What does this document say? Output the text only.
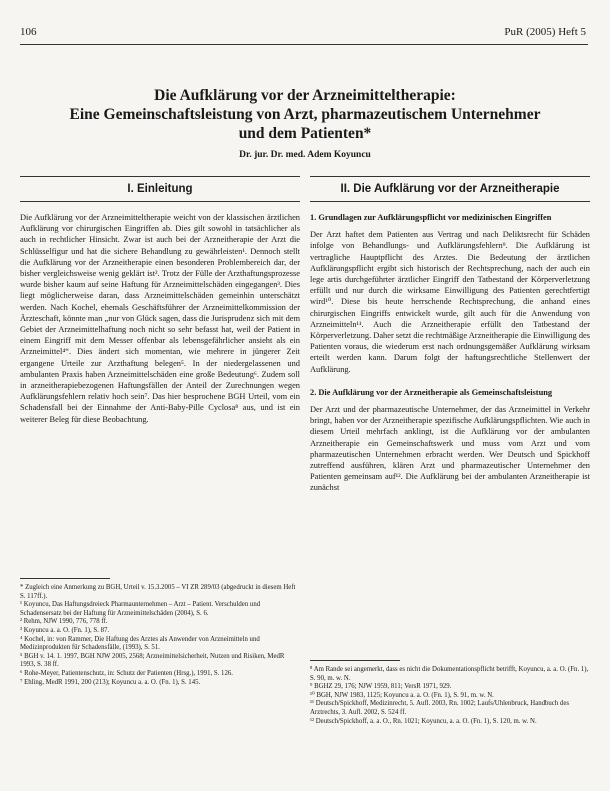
106	PuR (2005) Heft 5
Die Aufklärung vor der Arzneimitteltherapie:
Eine Gemeinschaftsleistung von Arzt, pharmazeutischem Unternehmer
und dem Patienten*
Dr. jur. Dr. med. Adem Koyuncu
I. Einleitung

Die Aufklärung vor der Arzneimitteltherapie weicht von der klassischen ärztlichen Aufklärung vor chirurgischen Eingriffen ab. Dies gilt sowohl in tatsächlicher als auch in rechtlicher Hinsicht. Zwar ist auch bei der Arzneitherapie der Arzt die Schlüsselfigur und hat die sichere Behandlung zu gewährleisten¹. Dennoch stellt die Aufklärung vor der Arzneitherapie einen besonderen Problembereich dar, der bisher vergleichsweise wenig geklärt ist². Trotz der Fülle der Arzthaftungsprozesse wurde bisher kaum auf seine Haftung für Arzneimittelschäden eingegangen³. Dies liegt möglicherweise daran, dass Arzneimittelschäden gemeinhin unterschätzt werden. Nach Kochel, ehemals Geschäftsführer der Arzneimittelkommission der Ärzteschaft, könnte man „nur von Glück sagen, dass die Jurisprudenz sich mit dem Gebiet der Arzneimittelhaftung noch nicht so sehr befasst hat, weil der Patient in einem Eingriff mit dem Messer offenbar als lebensgefährlicher ansieht als ein Arzneimittel⁴“. Dies ändert sich momentan, wie mehrere in jüngerer Zeit ergangene Urteile zur Arzthaftung belegen⁵. In der niedergelassenen und ambulanten Praxis haben Arzneimittelschäden eine große Bedeutung⁶. Zudem soll in arzneitherapiebezogenen Haftungsfällen der Anteil der Zurechnungen wegen Aufklärungsfehlern relativ hoch sein⁷. Das hier besprochene BGH Urteil, vom ein Schadensfall bei der Einnahme der Anti-Baby-Pille Cyclosa⁸ aus, und ist ein weiterer Beleg für diese Beobachtung.

* Zugleich eine Anmerkung zu BGH, Urteil v. 15.3.2005 – VI ZR 289/03 (abgedruckt in diesem Heft S. 117ff.).
¹ Koyuncu, Das Haftungsdreieck Pharmaunternehmen – Arzt – Patient. Verschulden und Schadensersatz bei der Haftung für Arzneimittelschäden (2004), S. 6.
² Rehm, NJW 1990, 776, 778 ff.
³ Koyuncu a. a. O. (Fn. 1), S. 87.
⁴ Kochel, in: von Rammer, Die Haftung des Arztes als Anwender von Arzneimitteln und Medizinprodukten für Schadensfälle, (1993), S. 51.
⁵ BGH v. 14. 1. 1997, BGH NJW 2005, 2568; Arzneimittelsicherheit, Nutzen und Risiken, MedR 1993, S. 38 ff.
⁶ Rohe-Meyer, Patientenschutz, in: Schutz der Patienten (Hrsg.), 1991, S. 126.
⁷ Ehling, MedR 1991, 200 (213); Koyuncu a. a. O. (Fn. 1), S. 145.
II. Die Aufklärung vor der Arzneitherapie

1. Grundlagen zur Aufklärungspflicht vor medizinischen Eingriffen

Der Arzt haftet dem Patienten aus Vertrag und nach Deliktsrecht für Schäden infolge von Behandlungs- und Aufklärungsfehlern⁹. Die Aufklärung ist vertragliche Hauptpflicht des Arztes. Die Bedeutung der ärztlichen Aufklärungspflicht ergibt sich historisch der Rechtsprechung, nach der auch ein lege artis durchgeführter ärztlicher Eingriff den Tatbestand der Körperverletzung erfüllt und nur durch die wirksame Einwilligung des Patienten gerechtfertigt wird¹⁰. Diese bis heute herrschende Rechtsprechung, die anhand eines chirurgischen Eingriffs entwickelt wurde, gilt auch für die Anwendung von Arzneimitteln¹¹. Auch die Arzneitherapie erfüllt den Tatbestand der Körperverletzung. Daher setzt die rechtmäßige Arzneitherapie die Einwilligung des Patienten voraus, die wiederum erst nach ordnungsgemäßer Aufklärung wirksam erteilt werden kann. Darum folgt der haftungsrechtliche Stellenwert der Aufklärung.

2. Die Aufklärung vor der Arzneitherapie als Gemeinschaftsleistung

Der Arzt und der pharmazeutische Unternehmer, der das Arzneimittel in Verkehr bringt, haben vor der Arzneitherapie spezifische Aufklärungspflichten. Wie auch in diesem Urteil mehrfach anklingt, ist die Aufklärung vor der ambulanten Arzneitherapie ein Gemeinschaftswerk und muss vom Arzt und vom pharmazeutischen Unternehmen erbracht werden. Wer Deutsch und Spickhoff zutreffend ausführen, klären Arzt und pharmazeutischer Unternehmer den Patienten gemeinsam auf¹². Die Aufklärung bei der ambulanten Arzneitherapie ist zunächst

⁸ Am Rande sei angemerkt, dass es nicht die Dokumentationspflicht betrifft, Koyuncu, a. a. O. (Fn. 1), S. 90, m. w. N.
⁹ BGHZ 29, 176; NJW 1959, 811; VersR 1971, 929.
¹⁰ BGH, NJW 1983, 1125; Koyuncu a. a. O. (Fn. 1), S. 91, m. w. N.
¹¹ Deutsch/Spickhoff, Medizinrecht, 5. Aufl. 2003, Rn. 1002; Laufs/Uhlenbruck, Handbuch des Arztrechts, 3. Aufl. 2002, S. 524 ff.
¹² Deutsch/Spickhoff, a. a. O., Rn. 1021; Koyuncu, a. a. O. (Fn. 1), S. 120, m. w. N.
